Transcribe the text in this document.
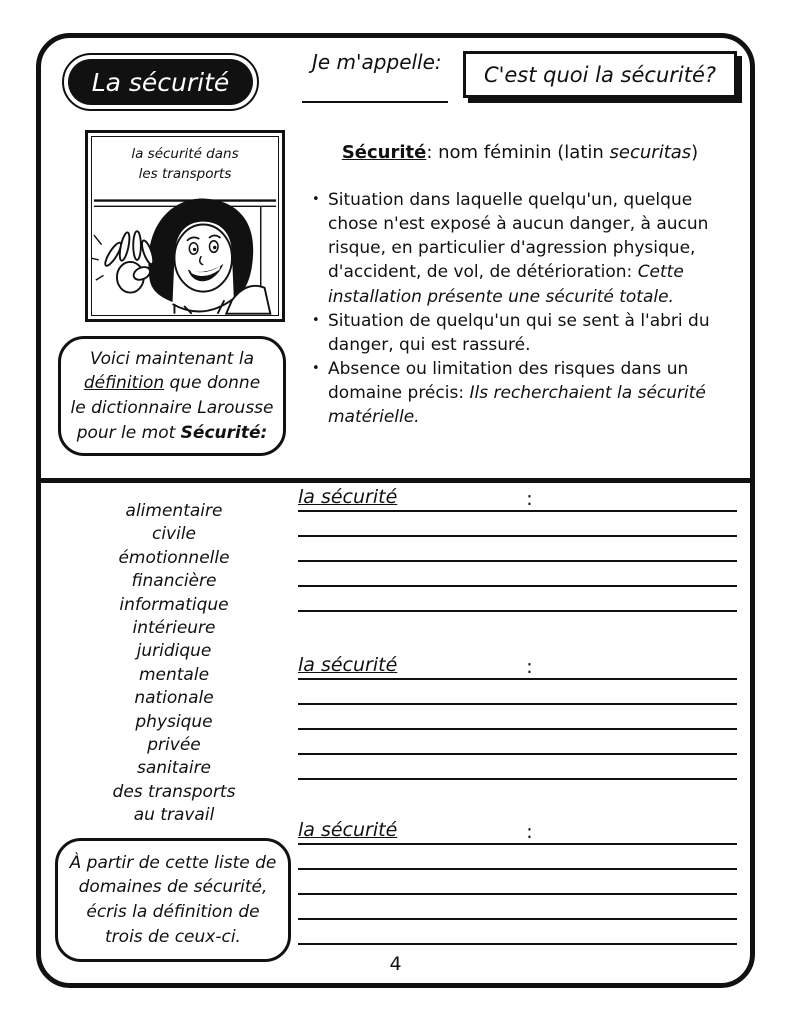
La sécurité
Je m'appelle:
C'est quoi la sécurité?
la sécurité dans
les transports
Sécurité: nom féminin (latin securitas)
• Situation dans laquelle quelqu'un, quelque chose n'est exposé à aucun danger, à aucun risque, en particulier d'agression physique, d'accident, de vol, de détérioration: Cette installation présente une sécurité totale.
• Situation de quelqu'un qui se sent à l'abri du danger, qui est rassuré.
• Absence ou limitation des risques dans un domaine précis: Ils recherchaient la sécurité matérielle.
Voici maintenant la
définition que donne
le dictionnaire Larousse
pour le mot Sécurité:
alimentaire
civile
émotionnelle
financière
informatique
intérieure
juridique
mentale
nationale
physique
privée
sanitaire
des transports
au travail
la sécurité	:
la sécurité	:
la sécurité	:
À partir de cette liste de
domaines de sécurité,
écris la définition de
trois de ceux-ci.
4
